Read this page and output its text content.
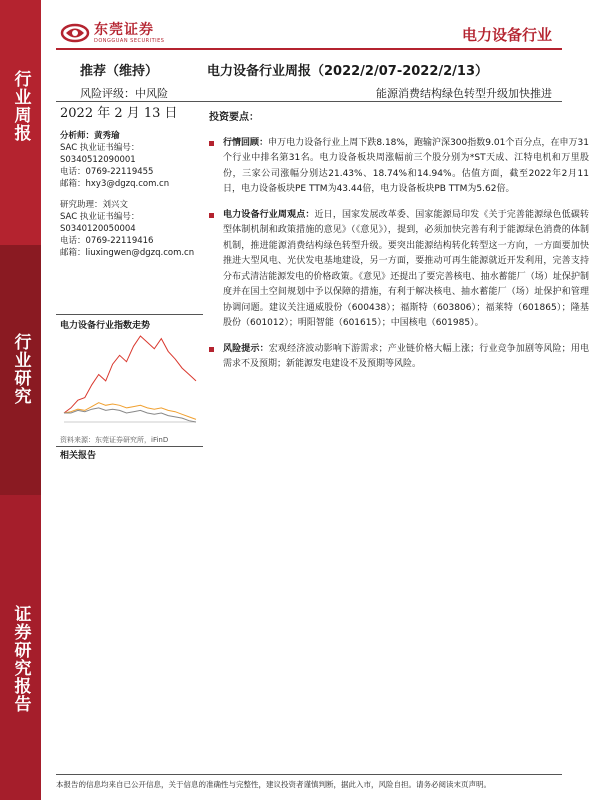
行业周报
行业研究
证券研究报告
东莞证券
DONGGUAN SECURITIES	电力设备行业
推荐（维持）	电力设备行业周报（2022/2/07-2022/2/13）
风险评级：中风险	能源消费结构绿色转型升级加快推进
2022 年 2 月 13 日

分析师：黄秀瑜

SAC 执业证书编号：

S0340512090001

电话：0769-22119455

邮箱：hxy3@dgzq.com.cn

研究助理：刘兴文

SAC 执业证书编号：

S0340120050004

电话：0769-22119416

邮箱：liuxingwen@dgzq.com.cn

电力设备行业指数走势
资料来源：东莞证券研究所，iFinD
相关报告
投资要点：
行情回顾：申万电力设备行业上周下跌8.18%，跑输沪深300指数9.01个百分点，在申万31个行业中排名第31名。电力设备板块周涨幅前三个股分别为*ST天成、江特电机和万里股份，三家公司涨幅分别达21.43%、18.74%和14.94%。估值方面，截至2022年2月11日，电力设备板块PE TTM为43.44倍，电力设备板块PB TTM为5.62倍。
电力设备行业周观点：近日，国家发展改革委、国家能源局印发《关于完善能源绿色低碳转型体制机制和政策措施的意见》（《意见》），提到，必须加快完善有利于能源绿色消费的体制机制，推进能源消费结构绿色转型升级。要突出能源结构转化转型这一方向，一方面要加快推进大型风电、光伏发电基地建设，另一方面，要推动可再生能源就近开发利用，完善支持分布式清洁能源发电的价格政策。《意见》还提出了要完善核电、抽水蓄能厂（场）址保护制度并在国土空间规划中予以保障的措施，有利于解决核电、抽水蓄能厂（场）址保护和管理协调问题。建议关注通威股份（600438）；福斯特（603806）；福莱特（601865）；隆基股份（601012）；明阳智能（601615）；中国核电（601985）。
风险提示：宏观经济波动影响下游需求；产业链价格大幅上涨；行业竞争加剧等风险；用电需求不及预期；新能源发电建设不及预期等风险。
本报告的信息均来自已公开信息，关于信息的准确性与完整性，建议投资者谨慎判断，据此入市，风险自担。请务必阅读末页声明。
